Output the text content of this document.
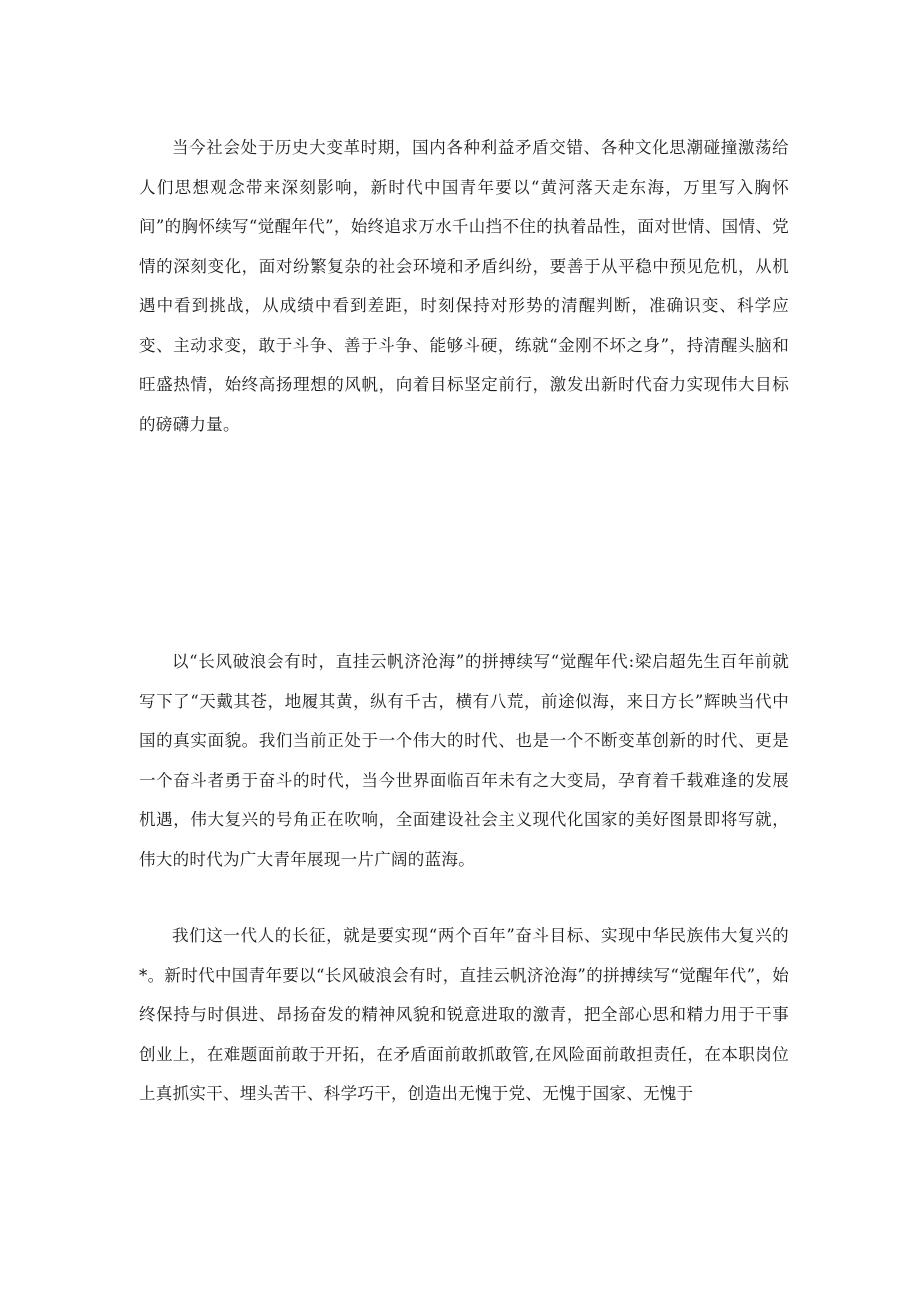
当今社会处于历史大变革时期，国内各种利益矛盾交错、各种文化思潮碰撞激荡给人们思想观念带来深刻影响，新时代中国青年要以“黄河落天走东海，万里写入胸怀间”的胸怀续写“觉醒年代”，始终追求万水千山挡不住的执着品性，面对世情、国情、党情的深刻变化，面对纷繁复杂的社会环境和矛盾纠纷，要善于从平稳中预见危机，从机遇中看到挑战，从成绩中看到差距，时刻保持对形势的清醒判断，准确识变、科学应变、主动求变，敢于斗争、善于斗争、能够斗硬，练就“金刚不坏之身”，持清醒头脑和旺盛热情，始终高扬理想的风帆，向着目标坚定前行，激发出新时代奋力实现伟大目标的磅礴力量。

以“长风破浪会有时，直挂云帆济沧海”的拼搏续写“觉醒年代:梁启超先生百年前就写下了“天戴其苍，地履其黄，纵有千古，横有八荒，前途似海，来日方长”辉映当代中国的真实面貌。我们当前正处于一个伟大的时代、也是一个不断变革创新的时代、更是一个奋斗者勇于奋斗的时代，当今世界面临百年未有之大变局，孕育着千载难逢的发展机遇，伟大复兴的号角正在吹响，全面建设社会主义现代化国家的美好图景即将写就，伟大的时代为广大青年展现一片广阔的蓝海。

我们这一代人的长征，就是要实现“两个百年”奋斗目标、实现中华民族伟大复兴的*。新时代中国青年要以“长风破浪会有时，直挂云帆济沧海”的拼搏续写“觉醒年代”，始终保持与时俱进、昂扬奋发的精神风貌和锐意进取的激青，把全部心思和精力用于干事创业上，在难题面前敢于开拓，在矛盾面前敢抓敢管,在风险面前敢担责任，在本职岗位上真抓实干、埋头苦干、科学巧干，创造出无愧于党、无愧于国家、无愧于
